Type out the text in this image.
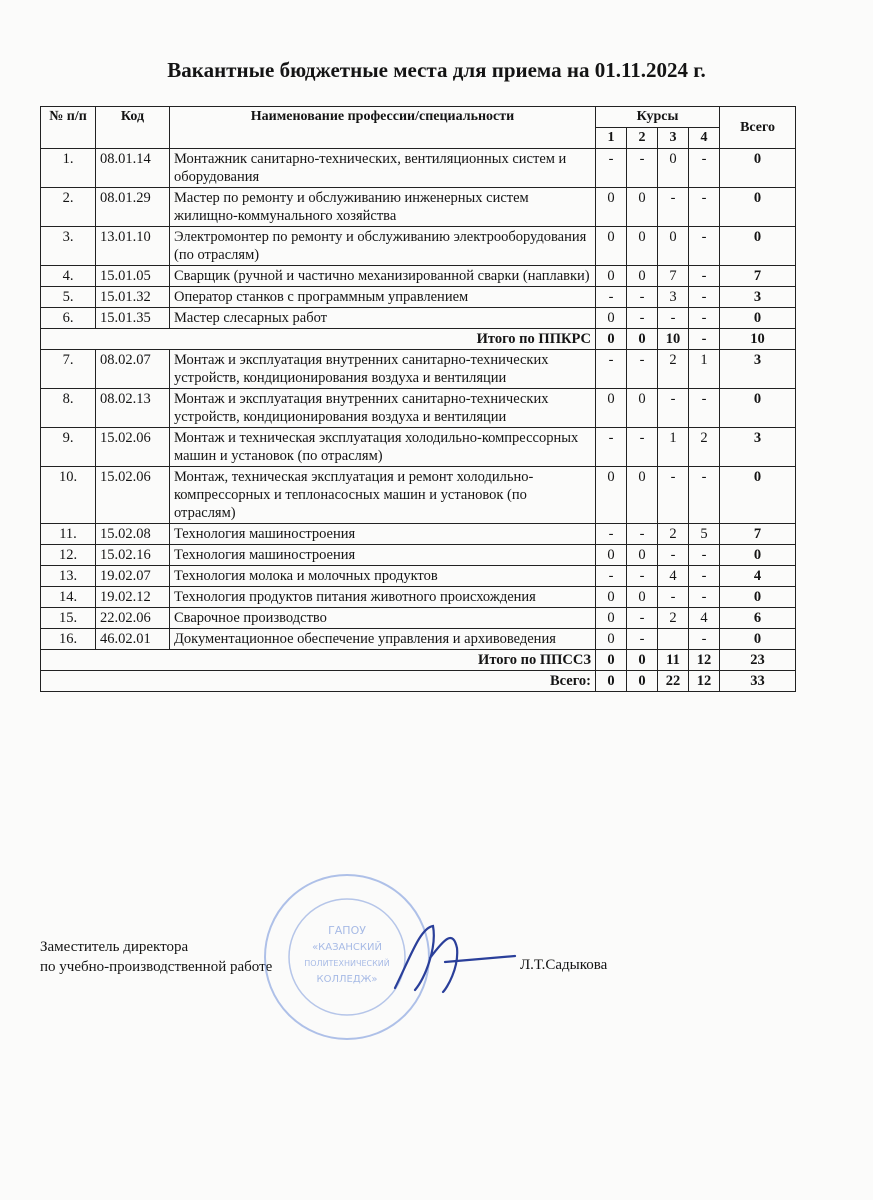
Вакантные бюджетные места для приема на 01.11.2024 г.
№ п/п	Код	Наименование профессии/специальности	Курсы				Всего
			1	2	3	4	
1.	08.01.14	Монтажник санитарно-технических, вентиляционных систем и оборудования	-	-	0	-	0
2.	08.01.29	Мастер по ремонту и обслуживанию инженерных систем жилищно-коммунального хозяйства	0	0	-	-	0
3.	13.01.10	Электромонтер по ремонту и обслуживанию электрооборудования (по отраслям)	0	0	0	-	0
4.	15.01.05	Сварщик (ручной и частично механизированной сварки (наплавки)	0	0	7	-	7
5.	15.01.32	Оператор станков с программным управлением	-	-	3	-	3
6.	15.01.35	Мастер слесарных работ	0	-	-	-	0
Итого по ППКРС			0	0	10	-	10
7.	08.02.07	Монтаж и эксплуатация внутренних санитарно-технических устройств, кондиционирования воздуха и вентиляции	-	-	2	1	3
8.	08.02.13	Монтаж и эксплуатация внутренних санитарно-технических устройств, кондиционирования воздуха и вентиляции	0	0	-	-	0
9.	15.02.06	Монтаж и техническая эксплуатация холодильно-компрессорных машин и установок (по отраслям)	-	-	1	2	3
10.	15.02.06	Монтаж, техническая эксплуатация и ремонт холодильно-компрессорных и теплонасосных машин и установок (по отраслям)	0	0	-	-	0
11.	15.02.08	Технология машиностроения	-	-	2	5	7
12.	15.02.16	Технология машиностроения	0	0	-	-	0
13.	19.02.07	Технология молока и молочных продуктов	-	-	4	-	4
14.	19.02.12	Технология продуктов питания животного происхождения	0	0	-	-	0
15.	22.02.06	Сварочное производство	0	-	2	4	6
16.	46.02.01	Документационное обеспечение управления и архивоведения	0	-		-	0
Итого по ППССЗ			0	0	11	12	23
Всего:			0	0	22	12	33
Заместитель директора
по учебно-производственной работе	Л.Т.Садыкова
ГАПОУ
«КАЗАНСКИЙ
ПОЛИТЕХНИЧЕСКИЙ
КОЛЛЕДЖ»
